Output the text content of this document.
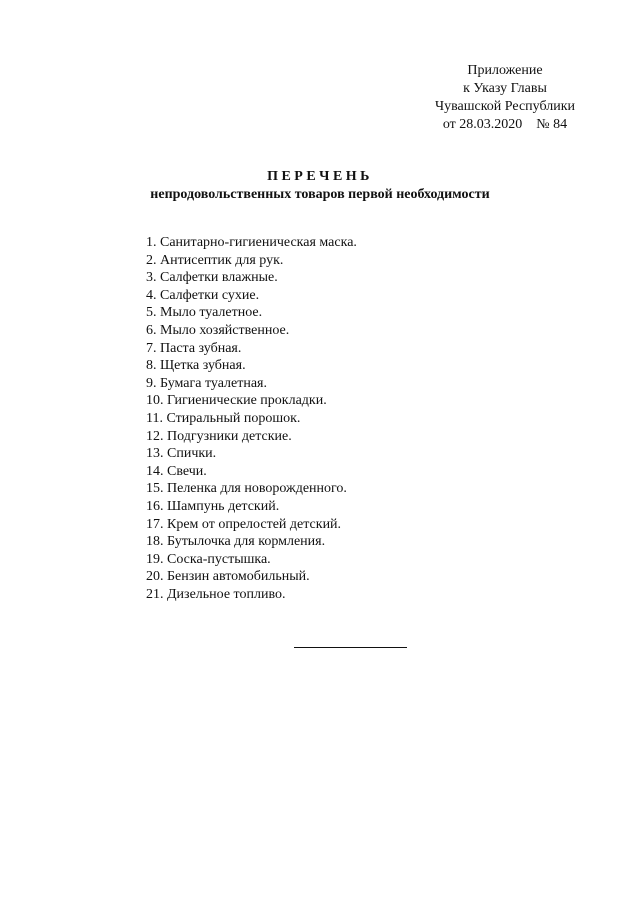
Приложение
к Указу Главы
Чувашской Республики
от 28.03.2020 № 84
ПЕРЕЧЕНЬ
непродовольственных товаров первой необходимости
1. Санитарно-гигиеническая маска.
2. Антисептик для рук.
3. Салфетки влажные.
4. Салфетки сухие.
5. Мыло туалетное.
6. Мыло хозяйственное.
7. Паста зубная.
8. Щетка зубная.
9. Бумага туалетная.
10. Гигиенические прокладки.
11. Стиральный порошок.
12. Подгузники детские.
13. Спички.
14. Свечи.
15. Пеленка для новорожденного.
16. Шампунь детский.
17. Крем от опрелостей детский.
18. Бутылочка для кормления.
19. Соска-пустышка.
20. Бензин автомобильный.
21. Дизельное топливо.
